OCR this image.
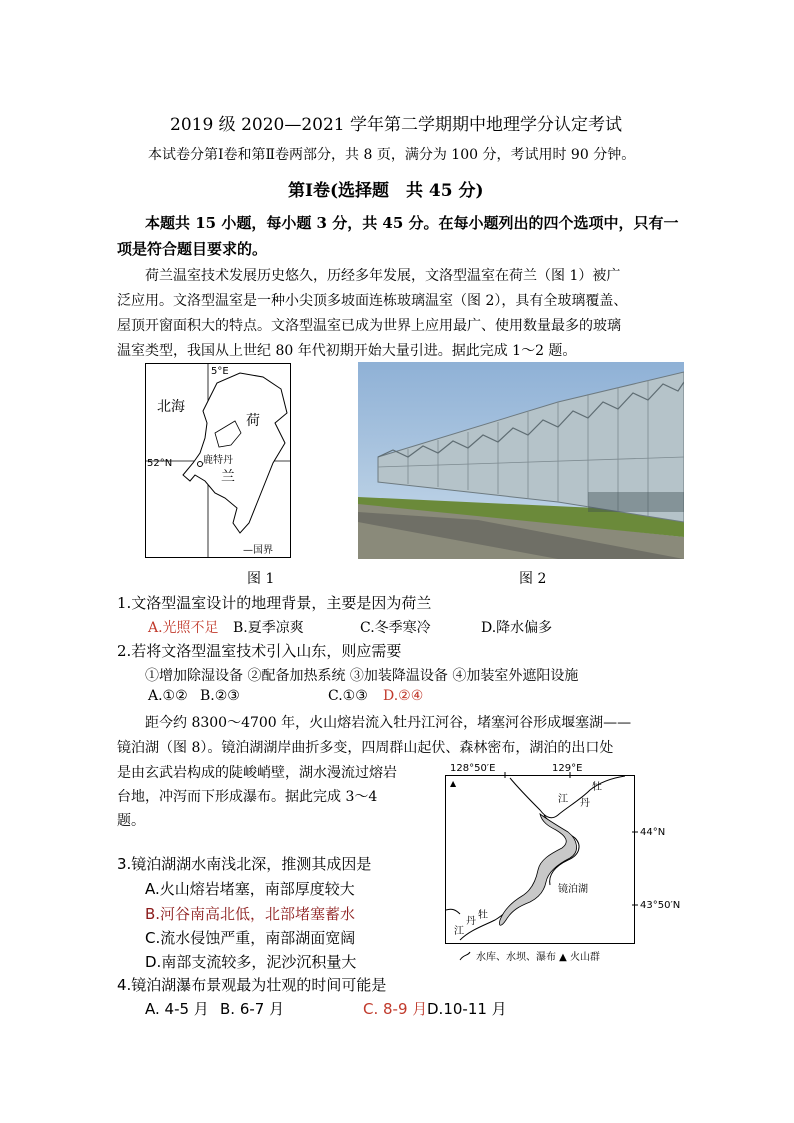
2019 级 2020—2021 学年第二学期期中地理学分认定考试
本试卷分第Ⅰ卷和第Ⅱ卷两部分，共 8 页，满分为 100 分，考试用时 90 分钟。
第Ⅰ卷(选择题　共 45 分)
本题共 15 小题，每小题 3 分，共 45 分。在每小题列出的四个选项中，只有一
项是符合题目要求的。
荷兰温室技术发展历史悠久，历经多年发展，文洛型温室在荷兰（图 1）被广
泛应用。文洛型温室是一种小尖顶多坡面连栋玻璃温室（图 2），具有全玻璃覆盖、
屋顶开窗面积大的特点。文洛型温室已成为世界上应用最广、使用数量最多的玻璃
温室类型，我国从上世纪 80 年代初期开始大量引进。据此完成 1～2 题。
5°E
北海
荷
52°N	鹿特丹
兰
—国界
图 1	图 2
1.文洛型温室设计的地理背景，主要是因为荷兰
A.光照不足 B.夏季凉爽	C.冬季寒冷	D.降水偏多
2.若将文洛型温室技术引入山东，则应需要
①增加除湿设备 ②配备加热系统 ③加装降温设备 ④加装室外遮阳设施
A.①② B.②③	C.①③ D.②④
距今约 8300～4700 年，火山熔岩流入牡丹江河谷，堵塞河谷形成堰塞湖——
镜泊湖（图 8）。镜泊湖湖岸曲折多变，四周群山起伏、森林密布，湖泊的出口处
是由玄武岩构成的陡峻峭壁，湖水漫流过熔岩
台地，冲泻而下形成瀑布。据此完成 3～4
题。
128°50′E	129°E
44°N
43°50′N
牡
丹
江
镜泊湖
牡
丹
江
▲
水库、水坝、瀑布 ▲ 火山群
3.镜泊湖湖水南浅北深，推测其成因是
A.火山熔岩堵塞，南部厚度较大
B.河谷南高北低，北部堵塞蓄水
C.流水侵蚀严重，南部湖面宽阔
D.南部支流较多，泥沙沉积量大
4.镜泊湖瀑布景观最为壮观的时间可能是
A. 4-5 月 B. 6-7 月	C. 8-9 月 D.10-11 月
